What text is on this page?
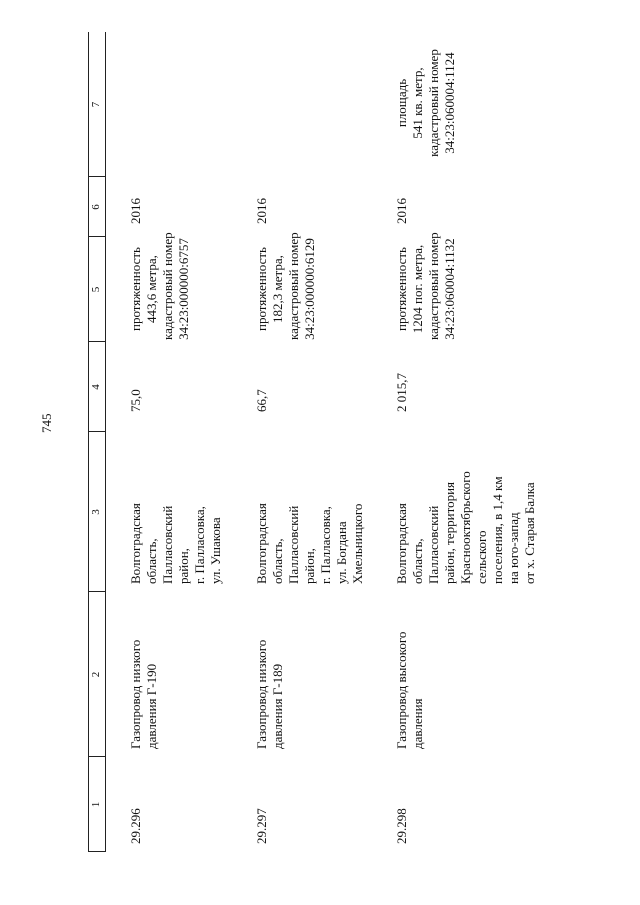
745
1
2
3
4
5
6
7
29.296
Газопровод низкого давления Г-190
Волгоградская область, Палласовский район, г. Палласовка, ул. Ушакова
75,0
протяженность 443,6 метра, кадастровый номер 34:23:000000:6757
2016
29.297
Газопровод низкого давления Г-189
Волгоградская область, Палласовский район, г. Палласовка, ул. Богдана Хмельницкого
66,7
протяженность 182,3 метра, кадастровый номер 34:23:000000:6129
2016
29.298
Газопровод высокого давления
Волгоградская область, Палласовский район, территория Краснооктябрьского сельского поселения, в 1,4 км на юго-запад от х. Старая Балка
2 015,7
протяженность 1204 пог. метра, кадастровый номер 34:23:060004:1132
2016
площадь 541 кв. метр, кадастровый номер 34:23:060004:1124
